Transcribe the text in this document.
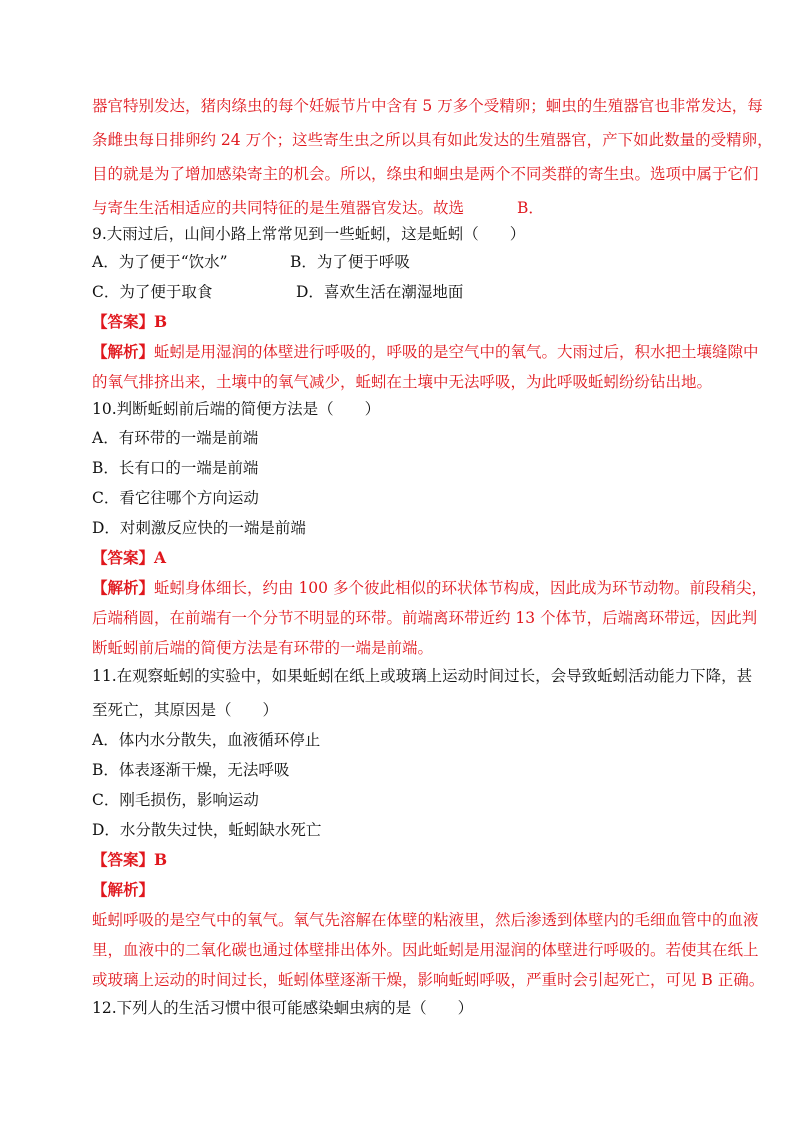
器官特别发达，猪肉绦虫的每个妊娠节片中含有 5 万多个受精卵；蛔虫的生殖器官也非常发达，每
条雌虫每日排卵约 24 万个；这些寄生虫之所以具有如此发达的生殖器官，产下如此数量的受精卵，
目的就是为了增加感染寄主的机会。所以，绦虫和蛔虫是两个不同类群的寄生虫。选项中属于它们
与寄生生活相适应的共同特征的是生殖器官发达。故选	B．
9.大雨过后，山间小路上常常见到一些蚯蚓，这是蚯蚓（　　）
A．为了便于“饮水”	B．为了便于呼吸
C．为了便于取食	D．喜欢生活在潮湿地面
【答案】B
【解析】蚯蚓是用湿润的体壁进行呼吸的，呼吸的是空气中的氧气。大雨过后，积水把土壤缝隙中
的氧气排挤出来，土壤中的氧气减少，蚯蚓在土壤中无法呼吸，为此呼吸蚯蚓纷纷钻出地。
10.判断蚯蚓前后端的简便方法是（　　）
A．有环带的一端是前端
B．长有口的一端是前端
C．看它往哪个方向运动
D．对刺激反应快的一端是前端
【答案】A
【解析】蚯蚓身体细长，约由 100 多个彼此相似的环状体节构成，因此成为环节动物。前段稍尖，
后端稍圆，在前端有一个分节不明显的环带。前端离环带近约 13 个体节，后端离环带远，因此判
断蚯蚓前后端的简便方法是有环带的一端是前端。
11.在观察蚯蚓的实验中，如果蚯蚓在纸上或玻璃上运动时间过长，会导致蚯蚓活动能力下降，甚
至死亡，其原因是（　　）
A．体内水分散失，血液循环停止
B．体表逐渐干燥，无法呼吸
C．刚毛损伤，影响运动
D．水分散失过快，蚯蚓缺水死亡
【答案】B
【解析】
蚯蚓呼吸的是空气中的氧气。氧气先溶解在体壁的粘液里，然后渗透到体壁内的毛细血管中的血液
里，血液中的二氧化碳也通过体壁排出体外。因此蚯蚓是用湿润的体壁进行呼吸的。若使其在纸上
或玻璃上运动的时间过长，蚯蚓体壁逐渐干燥，影响蚯蚓呼吸，严重时会引起死亡，可见 B 正确。
12.下列人的生活习惯中很可能感染蛔虫病的是（　　）
